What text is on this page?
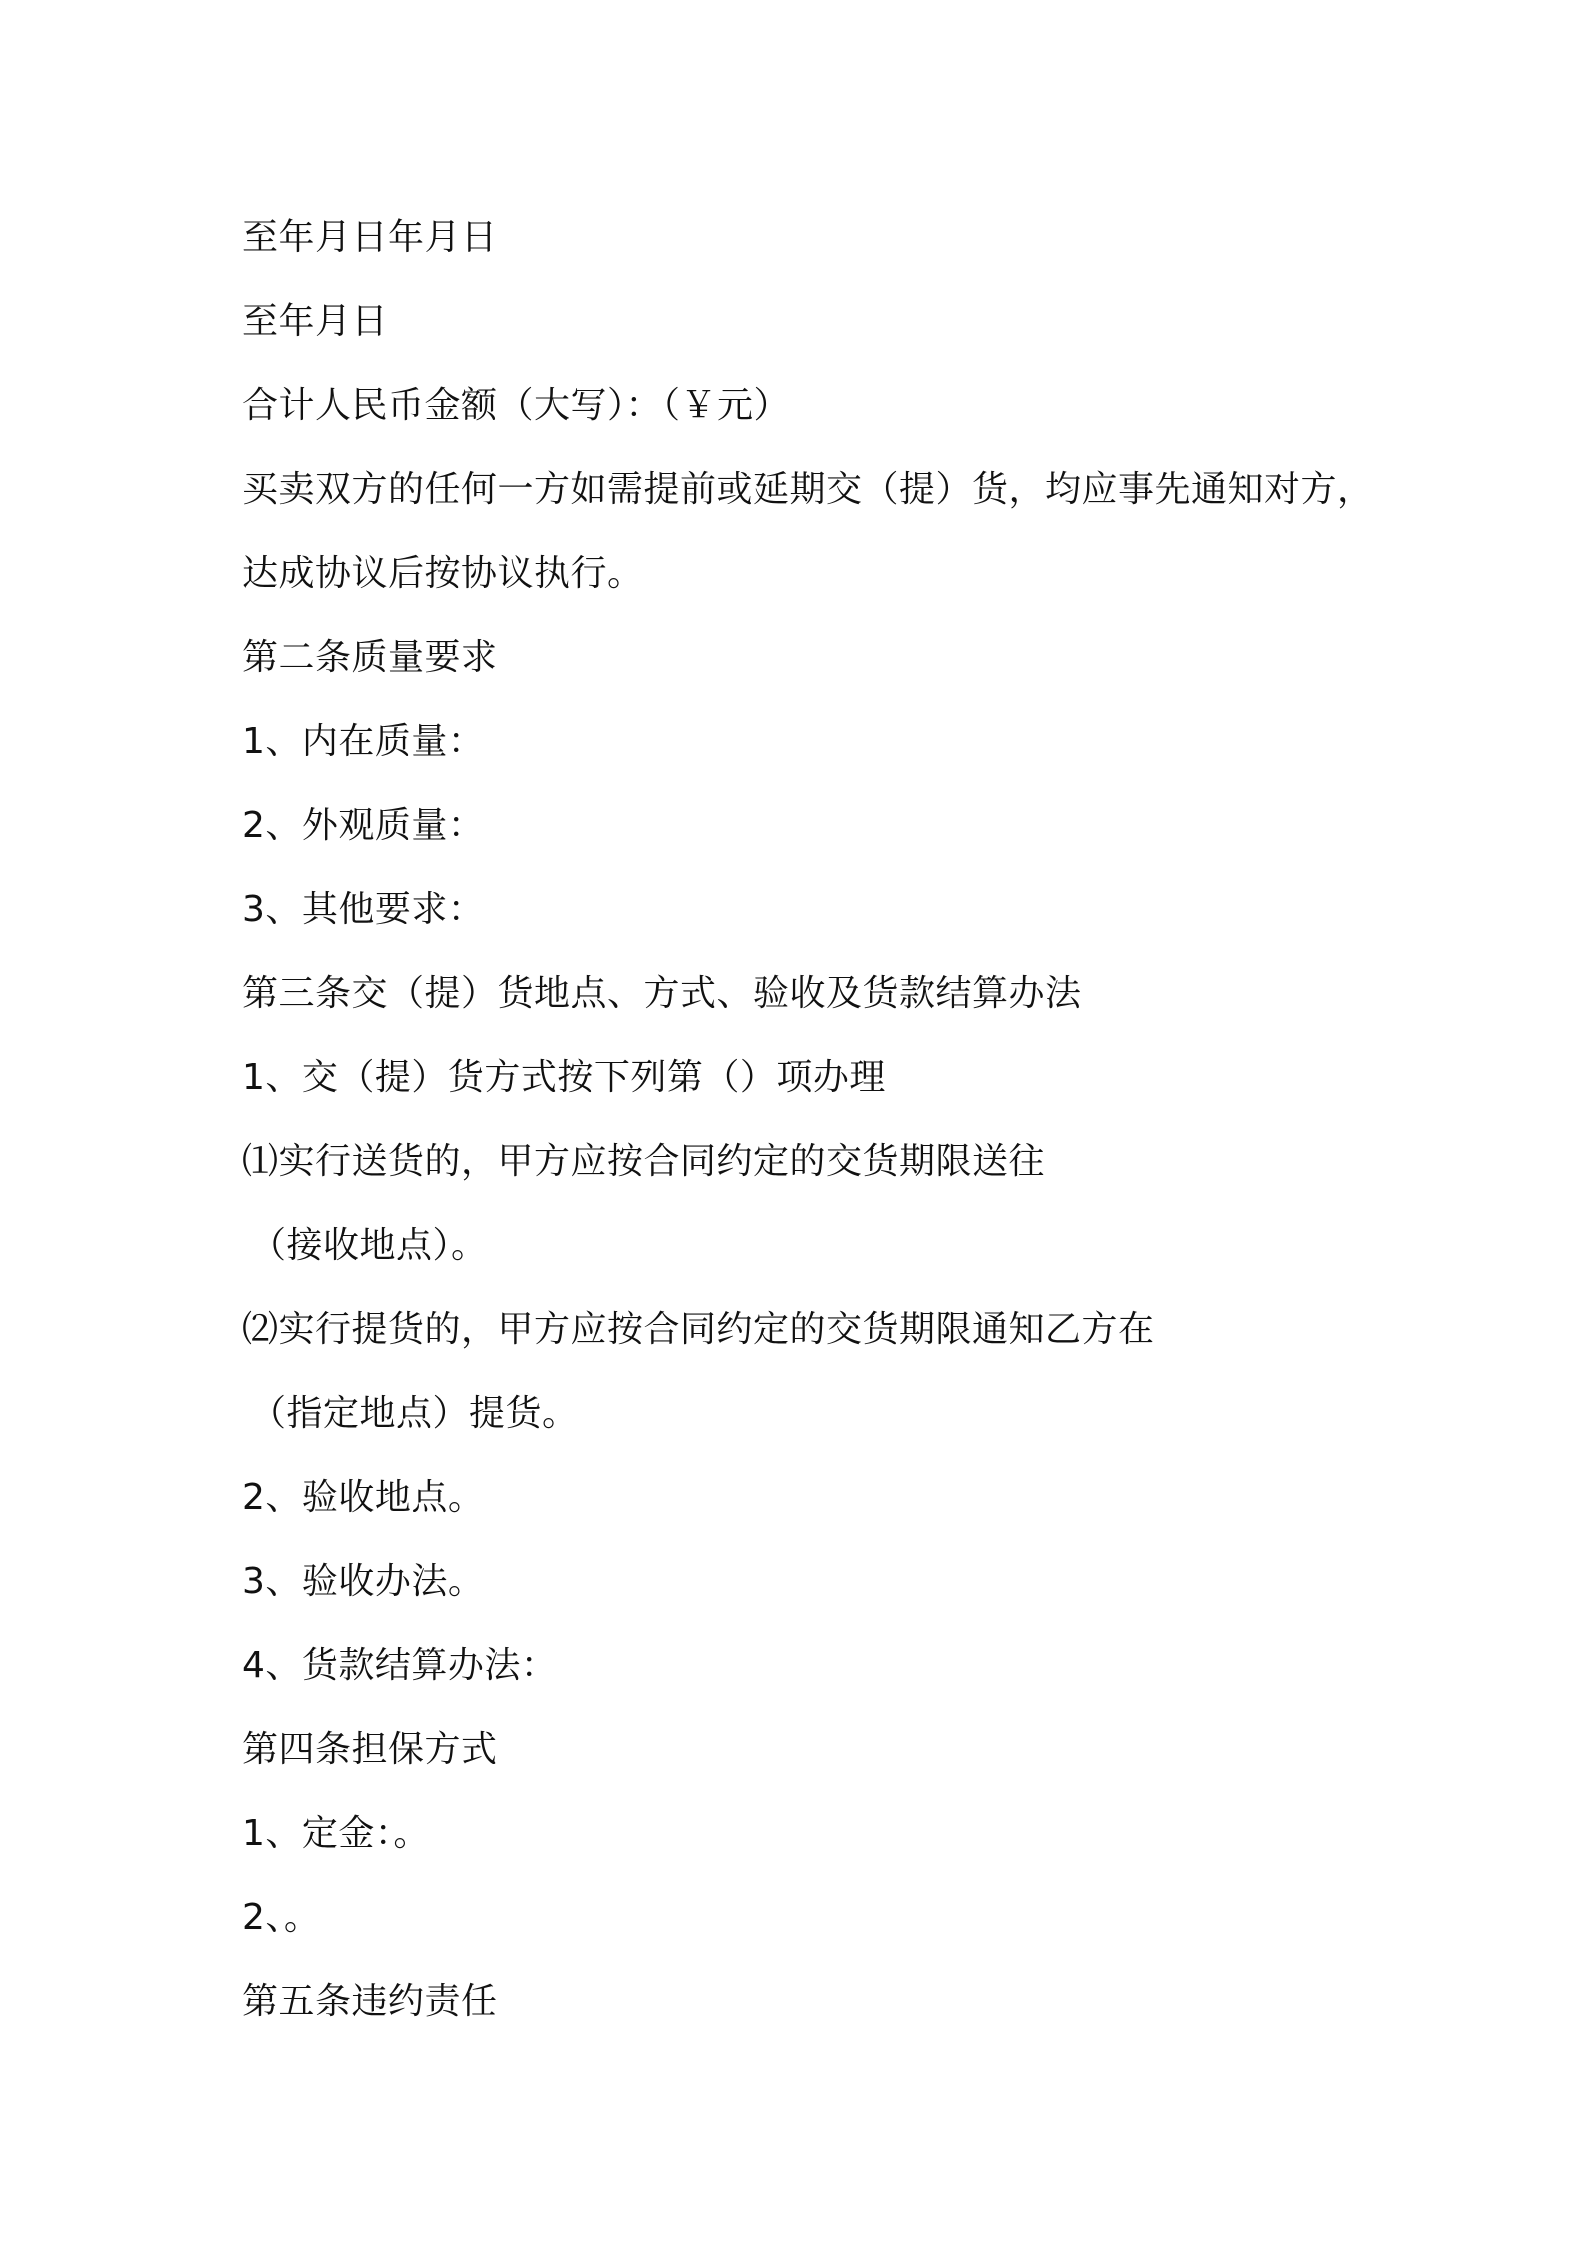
至年月日年月日
至年月日
合计人民币金额（大写）：（￥元）
买卖双方的任何一方如需提前或延期交（提）货，均应事先通知对方，
达成协议后按协议执行。
第二条质量要求
1、内在质量：
2、外观质量：
3、其他要求：
第三条交（提）货地点、方式、验收及货款结算办法
1、交（提）货方式按下列第（）项办理
⑴实行送货的，甲方应按合同约定的交货期限送往
（接收地点）。
⑵实行提货的，甲方应按合同约定的交货期限通知乙方在
（指定地点）提货。
2、验收地点。
3、验收办法。
4、货款结算办法：
第四条担保方式
1、定金：。
2、。
第五条违约责任
